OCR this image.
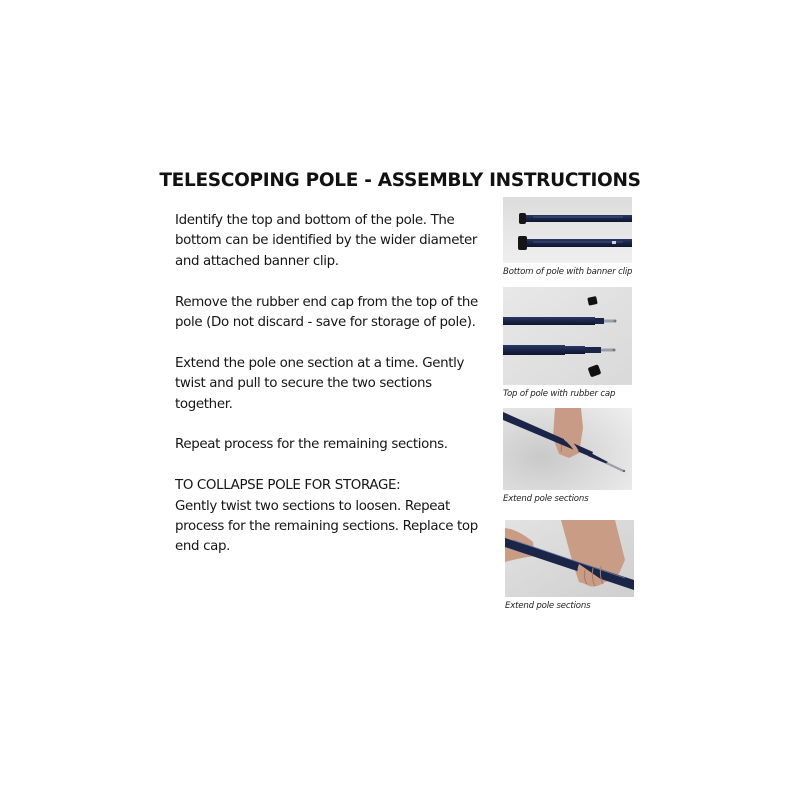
TELESCOPING POLE - ASSEMBLY INSTRUCTIONS

Identify the top and bottom of the pole. The
bottom can be identified by the wider diameter
and attached banner clip.

Remove the rubber end cap from the top of the
pole (Do not discard - save for storage of pole).

Extend the pole one section at a time. Gently
twist and pull to secure the two sections
together.

Repeat process for the remaining sections.

TO COLLAPSE POLE FOR STORAGE:
Gently twist two sections to loosen. Repeat
process for the remaining sections. Replace top
end cap.

Bottom of pole with banner clip
Top of pole with rubber cap
Extend pole sections
Extend pole sections
